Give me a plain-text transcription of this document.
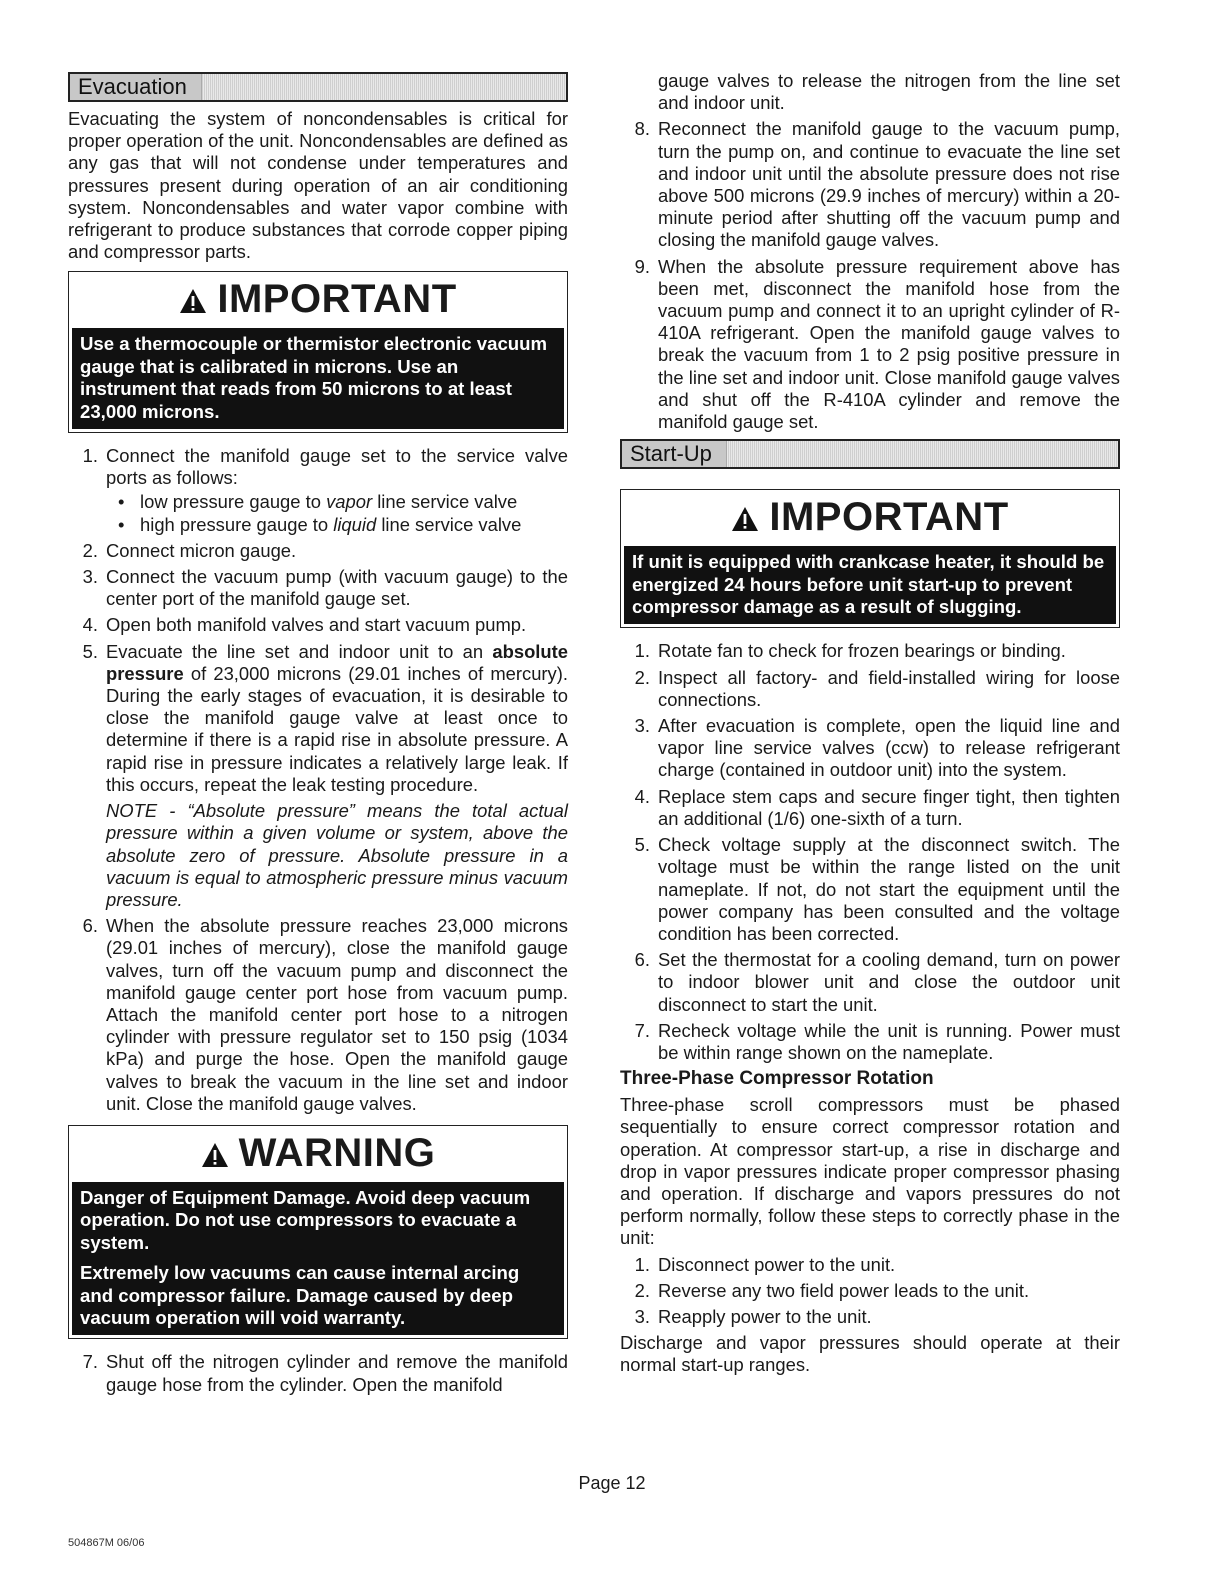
Evacuation

Evacuating the system of noncondensables is critical for proper operation of the unit. Noncondensables are defined as any gas that will not condense under temperatures and pressures present during operation of an air conditioning system. Noncondensables and water vapor combine with refrigerant to produce substances that corrode copper piping and compressor parts.

IMPORTANT
Use a thermocouple or thermistor electronic vacuum gauge that is calibrated in microns. Use an instrument that reads from 50 microns to at least 23,000 microns.
1. Connect the manifold gauge set to the service valve ports as follows:
• low pressure gauge to vapor line service valve
• high pressure gauge to liquid line service valve
2. Connect micron gauge.
3. Connect the vacuum pump (with vacuum gauge) to the center port of the manifold gauge set.
4. Open both manifold valves and start vacuum pump.
5. Evacuate the line set and indoor unit to an absolute pressure of 23,000 microns (29.01 inches of mercury). During the early stages of evacuation, it is desirable to close the manifold gauge valve at least once to determine if there is a rapid rise in absolute pressure. A rapid rise in pressure indicates a relatively large leak. If this occurs, repeat the leak testing procedure.
NOTE - “Absolute pressure” means the total actual pressure within a given volume or system, above the absolute zero of pressure. Absolute pressure in a vacuum is equal to atmospheric pressure minus vacuum pressure.
6. When the absolute pressure reaches 23,000 microns (29.01 inches of mercury), close the manifold gauge valves, turn off the vacuum pump and disconnect the manifold gauge center port hose from vacuum pump. Attach the manifold center port hose to a nitrogen cylinder with pressure regulator set to 150 psig (1034 kPa) and purge the hose. Open the manifold gauge valves to break the vacuum in the line set and indoor unit. Close the manifold gauge valves.
WARNING
Danger of Equipment Damage. Avoid deep vacuum operation. Do not use compressors to evacuate a system.
Extremely low vacuums can cause internal arcing and compressor failure. Damage caused by deep vacuum operation will void warranty.
7. Shut off the nitrogen cylinder and remove the manifold gauge hose from the cylinder. Open the manifold
gauge valves to release the nitrogen from the line set and indoor unit.
8. Reconnect the manifold gauge to the vacuum pump, turn the pump on, and continue to evacuate the line set and indoor unit until the absolute pressure does not rise above 500 microns (29.9 inches of mercury) within a 20-minute period after shutting off the vacuum pump and closing the manifold gauge valves.
9. When the absolute pressure requirement above has been met, disconnect the manifold hose from the vacuum pump and connect it to an upright cylinder of R-410A refrigerant. Open the manifold gauge valves to break the vacuum from 1 to 2 psig positive pressure in the line set and indoor unit. Close manifold gauge valves and shut off the R-410A cylinder and remove the manifold gauge set.
Start-Up
IMPORTANT
If unit is equipped with crankcase heater, it should be energized 24 hours before unit start-up to prevent compressor damage as a result of slugging.
1. Rotate fan to check for frozen bearings or binding.
2. Inspect all factory- and field-installed wiring for loose connections.
3. After evacuation is complete, open the liquid line and vapor line service valves (ccw) to release refrigerant charge (contained in outdoor unit) into the system.
4. Replace stem caps and secure finger tight, then tighten an additional (1/6) one-sixth of a turn.
5. Check voltage supply at the disconnect switch. The voltage must be within the range listed on the unit nameplate. If not, do not start the equipment until the power company has been consulted and the voltage condition has been corrected.
6. Set the thermostat for a cooling demand, turn on power to indoor blower unit and close the outdoor unit disconnect to start the unit.
7. Recheck voltage while the unit is running. Power must be within range shown on the nameplate.
Three-Phase Compressor Rotation

Three-phase scroll compressors must be phased sequentially to ensure correct compressor rotation and operation. At compressor start-up, a rise in discharge and drop in vapor pressures indicate proper compressor phasing and operation. If discharge and vapors pressures do not perform normally, follow these steps to correctly phase in the unit:

1. Disconnect power to the unit.
2. Reverse any two field power leads to the unit.
3. Reapply power to the unit.

Discharge and vapor pressures should operate at their normal start-up ranges.

Page 12
504867M 06/06
